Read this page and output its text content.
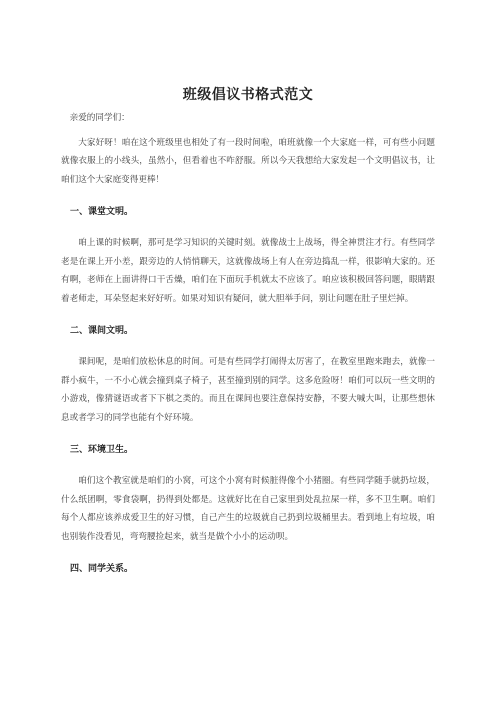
班级倡议书格式范文

亲爱的同学们：

大家好呀！咱在这个班级里也相处了有一段时间啦，咱班就像一个大家庭一样，可有些小问题就像衣服上的小线头，虽然小，但看着也不咋舒服。所以今天我想给大家发起一个文明倡议书，让咱们这个大家庭变得更棒！

一、课堂文明。

咱上课的时候啊，那可是学习知识的关键时刻。就像战士上战场，得全神贯注才行。有些同学老是在课上开小差，跟旁边的人悄悄聊天，这就像战场上有人在旁边捣乱一样，很影响大家的。还有啊，老师在上面讲得口干舌燥，咱们在下面玩手机就太不应该了。咱应该积极回答问题，眼睛跟着老师走，耳朵竖起来好好听。如果对知识有疑问，就大胆举手问，别让问题在肚子里烂掉。

二、课间文明。

课间呢，是咱们放松休息的时间。可是有些同学打闹得太厉害了，在教室里跑来跑去，就像一群小疯牛，一不小心就会撞到桌子椅子，甚至撞到别的同学。这多危险呀！咱们可以玩一些文明的小游戏，像猜谜语或者下下棋之类的。而且在课间也要注意保持安静，不要大喊大叫，让那些想休息或者学习的同学也能有个好环境。

三、环境卫生。

咱们这个教室就是咱们的小窝，可这个小窝有时候脏得像个小猪圈。有些同学随手就扔垃圾，什么纸团啊，零食袋啊，扔得到处都是。这就好比在自己家里到处乱拉屎一样，多不卫生啊。咱们每个人都应该养成爱卫生的好习惯，自己产生的垃圾就自己扔到垃圾桶里去。看到地上有垃圾，咱也别装作没看见，弯弯腰捡起来，就当是做个小小的运动呗。

四、同学关系。
